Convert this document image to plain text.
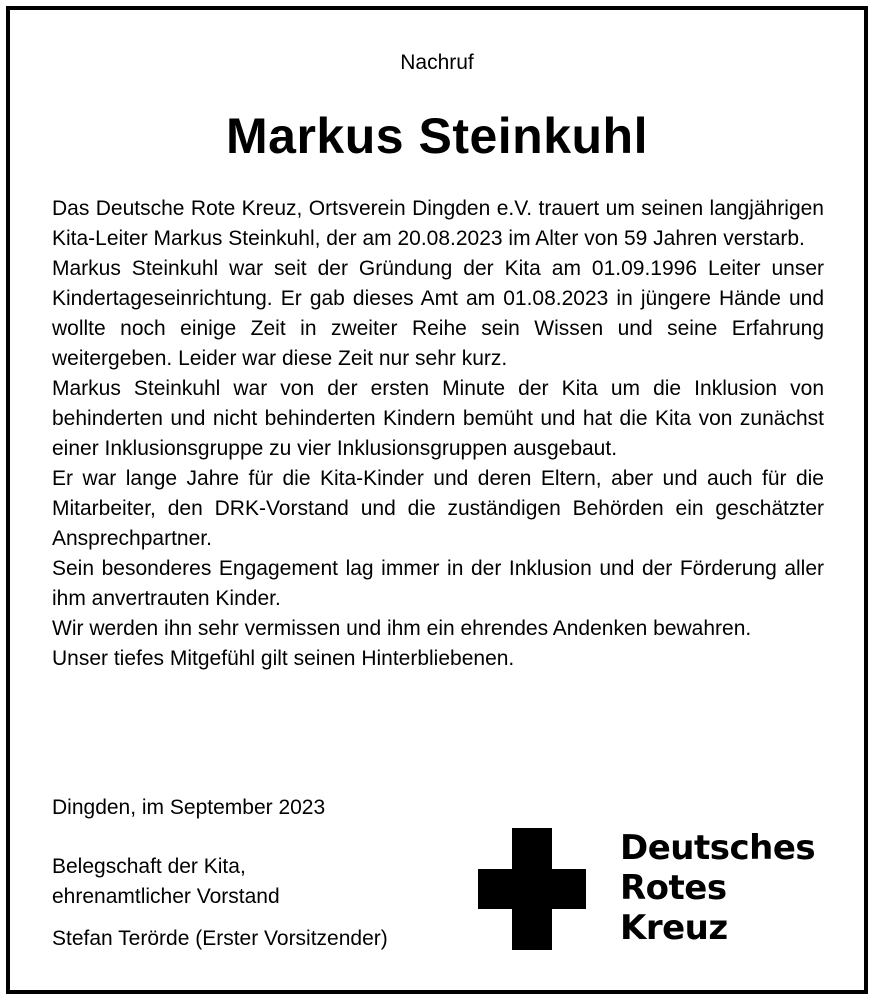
Nachruf
Markus Steinkuhl

Das Deutsche Rote Kreuz, Ortsverein Dingden e.V. trauert um seinen langjährigen Kita-Leiter Markus Steinkuhl, der am 20.08.2023 im Alter von 59 Jahren verstarb.

Markus Steinkuhl war seit der Gründung der Kita am 01.09.1996 Leiter unser Kindertageseinrichtung. Er gab dieses Amt am 01.08.2023 in jüngere Hände und wollte noch einige Zeit in zweiter Reihe sein Wissen und seine Erfahrung weitergeben. Leider war diese Zeit nur sehr kurz.

Markus Steinkuhl war von der ersten Minute der Kita um die Inklusion von behinderten und nicht behinderten Kindern bemüht und hat die Kita von zunächst einer Inklusionsgruppe zu vier Inklusionsgruppen ausgebaut.

Er war lange Jahre für die Kita-Kinder und deren Eltern, aber und auch für die Mitarbeiter, den DRK-Vorstand und die zuständigen Behörden ein geschätzter Ansprechpartner.

Sein besonderes Engagement lag immer in der Inklusion und der Förderung aller ihm anvertrauten Kinder.

Wir werden ihn sehr vermissen und ihm ein ehrendes Andenken bewahren.

Unser tiefes Mitgefühl gilt seinen Hinterbliebenen.

Dingden, im September 2023
Belegschaft der Kita,
ehrenamtlicher Vorstand
Stefan Terörde (Erster Vorsitzender)
Deutsches
Rotes
Kreuz
